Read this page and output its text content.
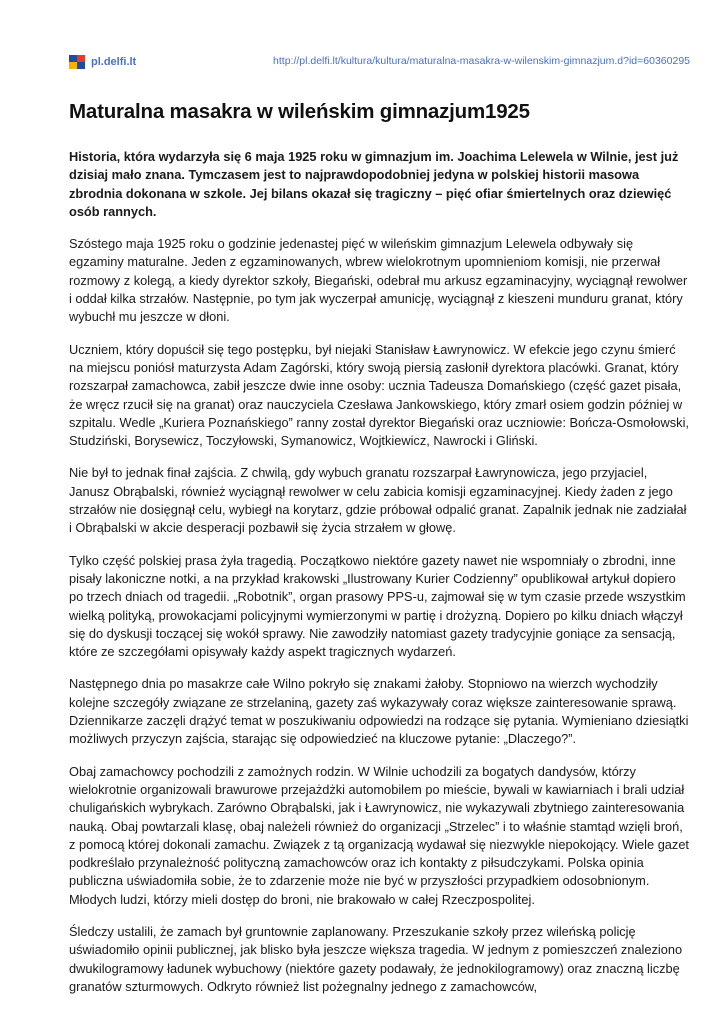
pl.delfi.lt	http://pl.delfi.lt/kultura/kultura/maturalna-masakra-w-wilenskim-gimnazjum.d?id=60360295
Maturalna masakra w wileńskim gimnazjum1925

Historia, która wydarzyła się 6 maja 1925 roku w gimnazjum im. Joachima Lelewela w Wilnie, jest już dzisiaj mało znana. Tymczasem jest to najprawdopodobniej jedyna w polskiej historii masowa zbrodnia dokonana w szkole. Jej bilans okazał się tragiczny – pięć ofiar śmiertelnych oraz dziewięć osób rannych.

Szóstego maja 1925 roku o godzinie jedenastej pięć w wileńskim gimnazjum Lelewela odbywały się egzaminy maturalne. Jeden z egzaminowanych, wbrew wielokrotnym upomnieniom komisji, nie przerwał rozmowy z kolegą, a kiedy dyrektor szkoły, Biegański, odebrał mu arkusz egzaminacyjny, wyciągnął rewolwer i oddał kilka strzałów. Następnie, po tym jak wyczerpał amunicję, wyciągnął z kieszeni munduru granat, który wybuchł mu jeszcze w dłoni.

Uczniem, który dopuścił się tego postępku, był niejaki Stanisław Ławrynowicz. W efekcie jego czynu śmierć na miejscu poniósł maturzysta Adam Zagórski, który swoją piersią zasłonił dyrektora placówki. Granat, który rozszarpał zamachowca, zabił jeszcze dwie inne osoby: ucznia Tadeusza Domańskiego (część gazet pisała, że wręcz rzucił się na granat) oraz nauczyciela Czesława Jankowskiego, który zmarł osiem godzin później w szpitalu. Wedle „Kuriera Poznańskiego” ranny został dyrektor Biegański oraz uczniowie: Bończa-Osmołowski, Studziński, Borysewicz, Toczyłowski, Symanowicz, Wojtkiewicz, Nawrocki i Gliński.

Nie był to jednak finał zajścia. Z chwilą, gdy wybuch granatu rozszarpał Ławrynowicza, jego przyjaciel, Janusz Obrąbalski, również wyciągnął rewolwer w celu zabicia komisji egzaminacyjnej. Kiedy żaden z jego strzałów nie dosięgnął celu, wybiegł na korytarz, gdzie próbował odpalić granat. Zapalnik jednak nie zadziałał i Obrąbalski w akcie desperacji pozbawił się życia strzałem w głowę.

Tylko część polskiej prasa żyła tragedią. Początkowo niektóre gazety nawet nie wspomniały o zbrodni, inne pisały lakoniczne notki, a na przykład krakowski „Ilustrowany Kurier Codzienny” opublikował artykuł dopiero po trzech dniach od tragedii. „Robotnik”, organ prasowy PPS-u, zajmował się w tym czasie przede wszystkim wielką polityką, prowokacjami policyjnymi wymierzonymi w partię i drożyzną. Dopiero po kilku dniach włączył się do dyskusji toczącej się wokół sprawy. Nie zawodziły natomiast gazety tradycyjnie goniące za sensacją, które ze szczegółami opisywały każdy aspekt tragicznych wydarzeń.

Następnego dnia po masakrze całe Wilno pokryło się znakami żałoby. Stopniowo na wierzch wychodziły kolejne szczegóły związane ze strzelaniną, gazety zaś wykazywały coraz większe zainteresowanie sprawą. Dziennikarze zaczęli drążyć temat w poszukiwaniu odpowiedzi na rodzące się pytania. Wymieniano dziesiątki możliwych przyczyn zajścia, starając się odpowiedzieć na kluczowe pytanie: „Dlaczego?”.

Obaj zamachowcy pochodzili z zamożnych rodzin. W Wilnie uchodzili za bogatych dandysów, którzy wielokrotnie organizowali brawurowe przejażdżki automobilem po mieście, bywali w kawiarniach i brali udział chuligańskich wybrykach. Zarówno Obrąbalski, jak i Ławrynowicz, nie wykazywali zbytniego zainteresowania nauką. Obaj powtarzali klasę, obaj należeli również do organizacji „Strzelec” i to właśnie stamtąd wzięli broń, z pomocą której dokonali zamachu. Związek z tą organizacją wydawał się niezwykle niepokojący. Wiele gazet podkreślało przynależność polityczną zamachowców oraz ich kontakty z piłsudczykami. Polska opinia publiczna uświadomiła sobie, że to zdarzenie może nie być w przyszłości przypadkiem odosobnionym. Młodych ludzi, którzy mieli dostęp do broni, nie brakowało w całej Rzeczpospolitej.

Śledczy ustalili, że zamach był gruntownie zaplanowany. Przeszukanie szkoły przez wileńską policję uświadomiło opinii publicznej, jak blisko była jeszcze większa tragedia. W jednym z pomieszczeń znaleziono dwukilogramowy ładunek wybuchowy (niektóre gazety podawały, że jednokilogramowy) oraz znaczną liczbę granatów szturmowych. Odkryto również list pożegnalny jednego z zamachowców,
